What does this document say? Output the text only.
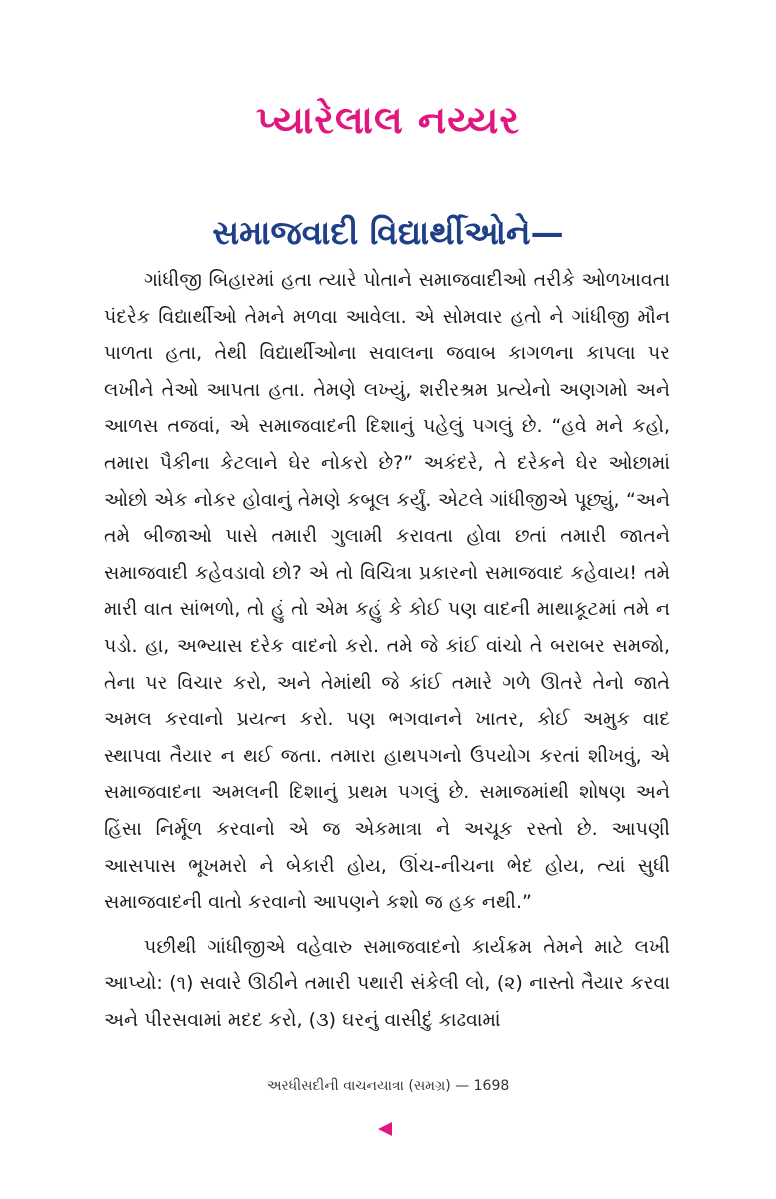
પ્યારેલાલ નય્યર
સમાજવાદી વિદ્યાર્થીઓને—

ગાંધીજી બિહારમાં હતા ત્યારે પોતાને સમાજવાદીઓ તરીકે ઓળખાવતા પંદરેક વિદ્યાર્થીઓ તેમને મળવા આવેલા. એ સોમવાર હતો ને ગાંધીજી મૌન પાળતા હતા, તેથી વિદ્યાર્થીઓના સવાલના જવાબ કાગળના કાપલા પર લખીને તેઓ આપતા હતા. તેમણે લખ્યું, શરીરશ્રમ પ્રત્યેનો અણગમો અને આળસ તજવાં, એ સમાજવાદની દિશાનું પહેલું પગલું છે. “હવે મને કહો, તમારા પૈકીના કેટલાને ઘેર નોકરો છે?” અકંદરે, તે દરેકને ઘેર ઓછામાં ઓછો એક નોકર હોવાનું તેમણે કબૂલ કર્યું. એટલે ગાંધીજીએ પૂછ્યું, “અને તમે બીજાઓ પાસે તમારી ગુલામી કરાવતા હોવા છતાં તમારી જાતને સમાજવાદી કહેવડાવો છો? એ તો વિચિત્રા પ્રકારનો સમાજવાદ કહેવાય! તમે મારી વાત સાંભળો, તો હું તો એમ કહું કે કોઈ પણ વાદની માથાકૂટમાં તમે ન પડો. હા, અભ્યાસ દરેક વાદનો કરો. તમે જે કાંઈ વાંચો તે બરાબર સમજો, તેના પર વિચાર કરો, અને તેમાંથી જે કાંઈ તમારે ગળે ઊતરે તેનો જાતે અમલ કરવાનો પ્રયત્ન કરો. પણ ભગવાનને ખાતર, કોઈ અમુક વાદ સ્થાપવા તૈયાર ન થઈ જતા. તમારા હાથપગનો ઉપયોગ કરતાં શીખવું, એ સમાજવાદના અમલની દિશાનું પ્રથમ પગલું છે. સમાજમાંથી શોષણ અને હિંસા નિર્મૂળ કરવાનો એ જ એકમાત્રા ને અચૂક રસ્તો છે. આપણી આસપાસ ભૂખમરો ને બેકારી હોય, ઊંચ-નીચના ભેદ હોય, ત્યાં સુધી સમાજવાદની વાતો કરવાનો આપણને કશો જ હક નથી.”

પછીથી ગાંધીજીએ વહેવારુ સમાજવાદનો કાર્યક્રમ તેમને માટે લખી આપ્યો: (૧) સવારે ઊઠીને તમારી પથારી સંકેલી લો, (૨) નાસ્તો તૈયાર કરવા અને પીરસવામાં મદદ કરો, (૩) ઘરનું વાસીદું કાઢવામાં

અરધીસદીની વાચનયાત્રા (સમગ્ર) — 1698
